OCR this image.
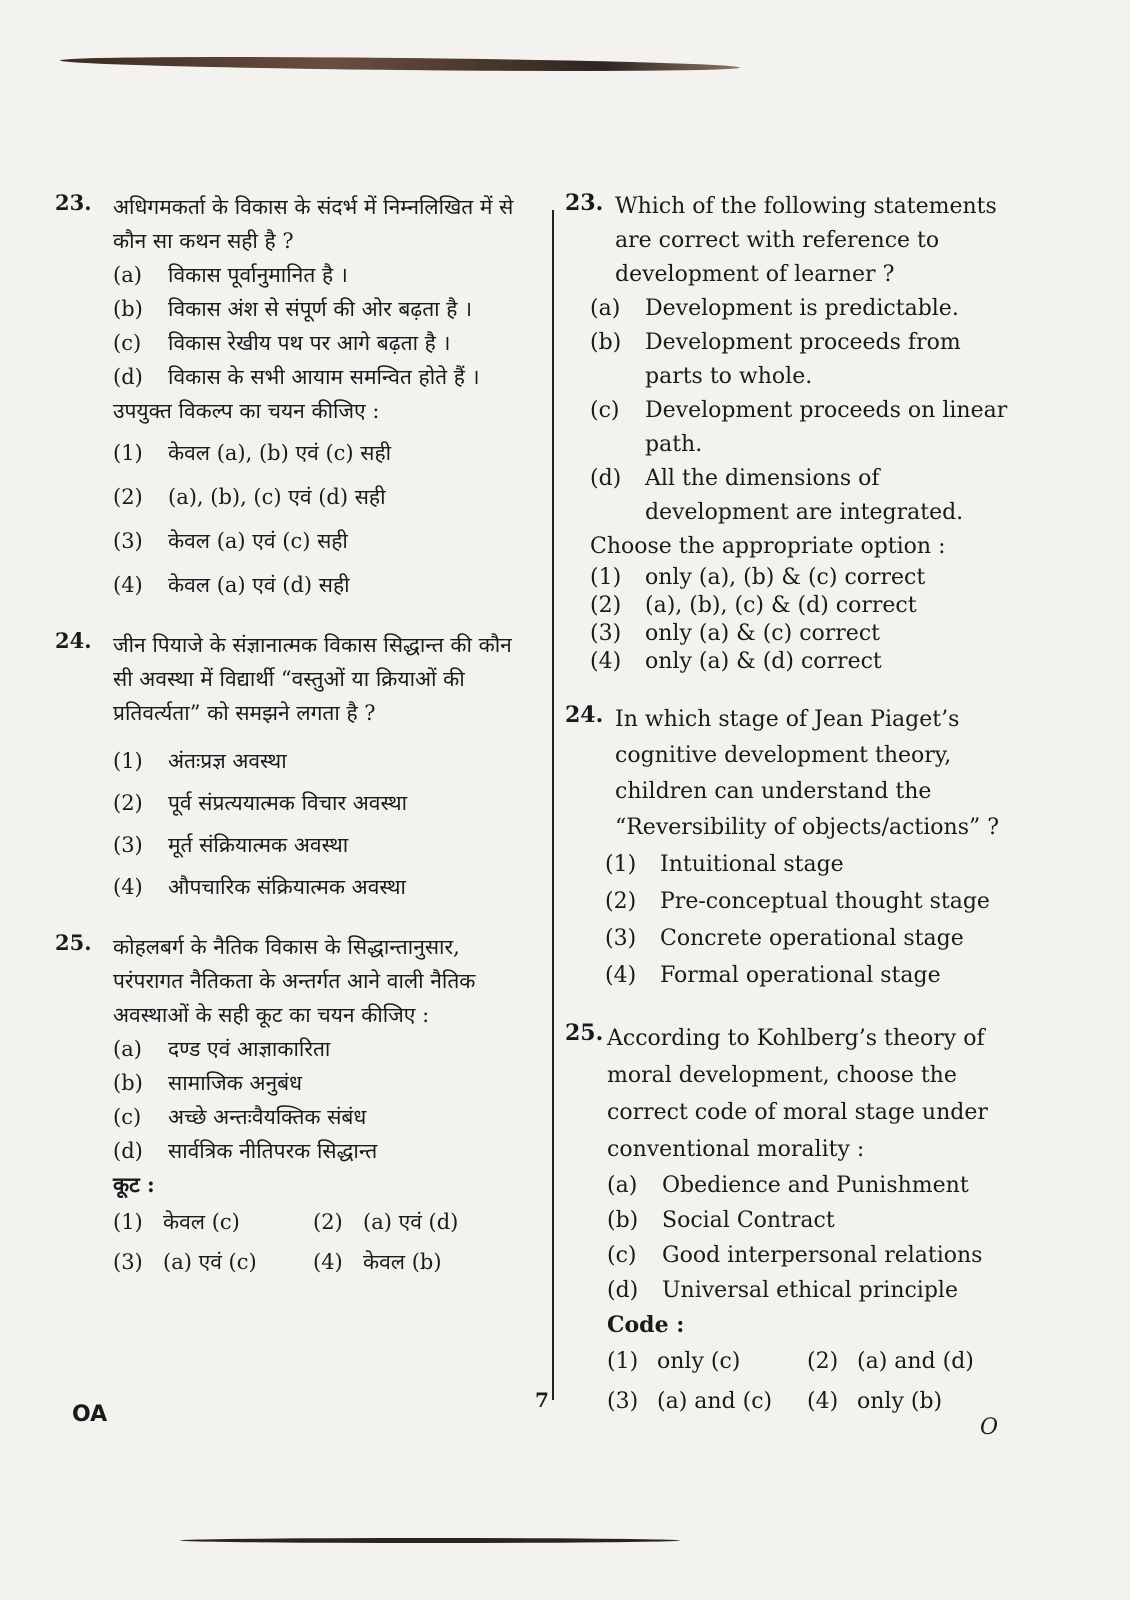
23. अधिगमकर्ता के विकास के संदर्भ में निम्नलिखित में से कौन सा कथन सही है ?
(a)	विकास पूर्वानुमानित है ।
(b)	विकास अंश से संपूर्ण की ओर बढ़ता है ।
(c)	विकास रेखीय पथ पर आगे बढ़ता है ।
(d)	विकास के सभी आयाम समन्वित होते हैं ।
उपयुक्त विकल्प का चयन कीजिए :
(1)	केवल (a), (b) एवं (c) सही
(2)	(a), (b), (c) एवं (d) सही
(3)	केवल (a) एवं (c) सही
(4)	केवल (a) एवं (d) सही
24. जीन पियाजे के संज्ञानात्मक विकास सिद्धान्त की कौन सी अवस्था में विद्यार्थी “वस्तुओं या क्रियाओं की प्रतिवर्त्यता” को समझने लगता है ?
(1)	अंतःप्रज्ञ अवस्था
(2)	पूर्व संप्रत्ययात्मक विचार अवस्था
(3)	मूर्त संक्रियात्मक अवस्था
(4)	औपचारिक संक्रियात्मक अवस्था
25. कोहलबर्ग के नैतिक विकास के सिद्धान्तानुसार, परंपरागत नैतिकता के अन्तर्गत आने वाली नैतिक अवस्थाओं के सही कूट का चयन कीजिए :
(a)	दण्ड एवं आज्ञाकारिता
(b)	सामाजिक अनुबंध
(c)	अच्छे अन्तःवैयक्तिक संबंध
(d)	सार्वत्रिक नीतिपरक सिद्धान्त
कूट :
(1) केवल (c)	(2) (a) एवं (d)
(3) (a) एवं (c)	(4) केवल (b)
23. Which of the following statements are correct with reference to development of learner ?
(a)	Development is predictable.
(b)	Development proceeds from parts to whole.
(c)	Development proceeds on linear path.
(d)	All the dimensions of development are integrated.
Choose the appropriate option :
(1)	only (a), (b) & (c) correct
(2)	(a), (b), (c) & (d) correct
(3)	only (a) & (c) correct
(4)	only (a) & (d) correct
24. In which stage of Jean Piaget’s cognitive development theory, children can understand the “Reversibility of objects/actions” ?
(1)	Intuitional stage
(2)	Pre-conceptual thought stage
(3)	Concrete operational stage
(4)	Formal operational stage
25. According to Kohlberg’s theory of moral development, choose the correct code of moral stage under conventional morality :
(a)	Obedience and Punishment
(b)	Social Contract
(c)	Good interpersonal relations
(d)	Universal ethical principle
Code :
(1) only (c)	(2) (a) and (d)
(3) (a) and (c)	(4) only (b)
OA
7
O
